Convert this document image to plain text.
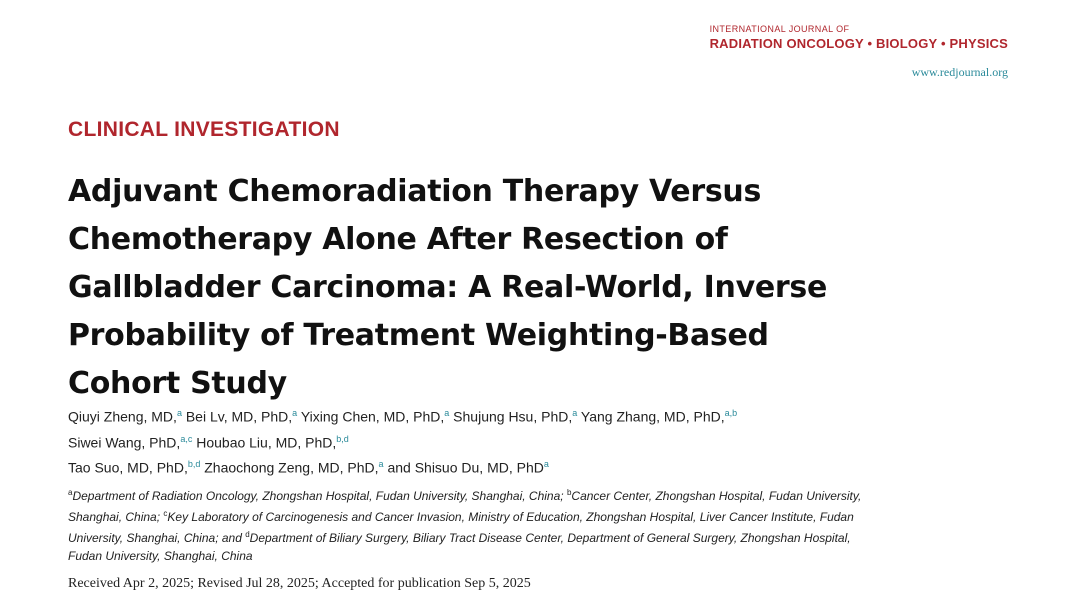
INTERNATIONAL JOURNAL OF
RADIATION ONCOLOGY • BIOLOGY • PHYSICS
www.redjournal.org
CLINICAL INVESTIGATION
Adjuvant Chemoradiation Therapy Versus
Chemotherapy Alone After Resection of
Gallbladder Carcinoma: A Real-World, Inverse
Probability of Treatment Weighting-Based
Cohort Study
Qiuyi Zheng, MD,$^a$ Bei Lv, MD, PhD,$^a$ Yixing Chen, MD, PhD,$^a$ Shujung Hsu, PhD,$^a$ Yang Zhang, MD, PhD,$^{a,b}$
Siwei Wang, PhD,$^{a,c}$ Houbao Liu, MD, PhD,$^{b,d}$
Tao Suo, MD, PhD,$^{b,d}$ Zhaochong Zeng, MD, PhD,$^a$ and Shisuo Du, MD, PhD$^a$
$^a$Department of Radiation Oncology, Zhongshan Hospital, Fudan University, Shanghai, China; $^b$Cancer Center, Zhongshan Hospital, Fudan University, Shanghai, China; $^c$Key Laboratory of Carcinogenesis and Cancer Invasion, Ministry of Education, Zhongshan Hospital, Liver Cancer Institute, Fudan University, Shanghai, China; and $^d$Department of Biliary Surgery, Biliary Tract Disease Center, Department of General Surgery, Zhongshan Hospital, Fudan University, Shanghai, China
Received Apr 2, 2025; Revised Jul 28, 2025; Accepted for publication Sep 5, 2025
